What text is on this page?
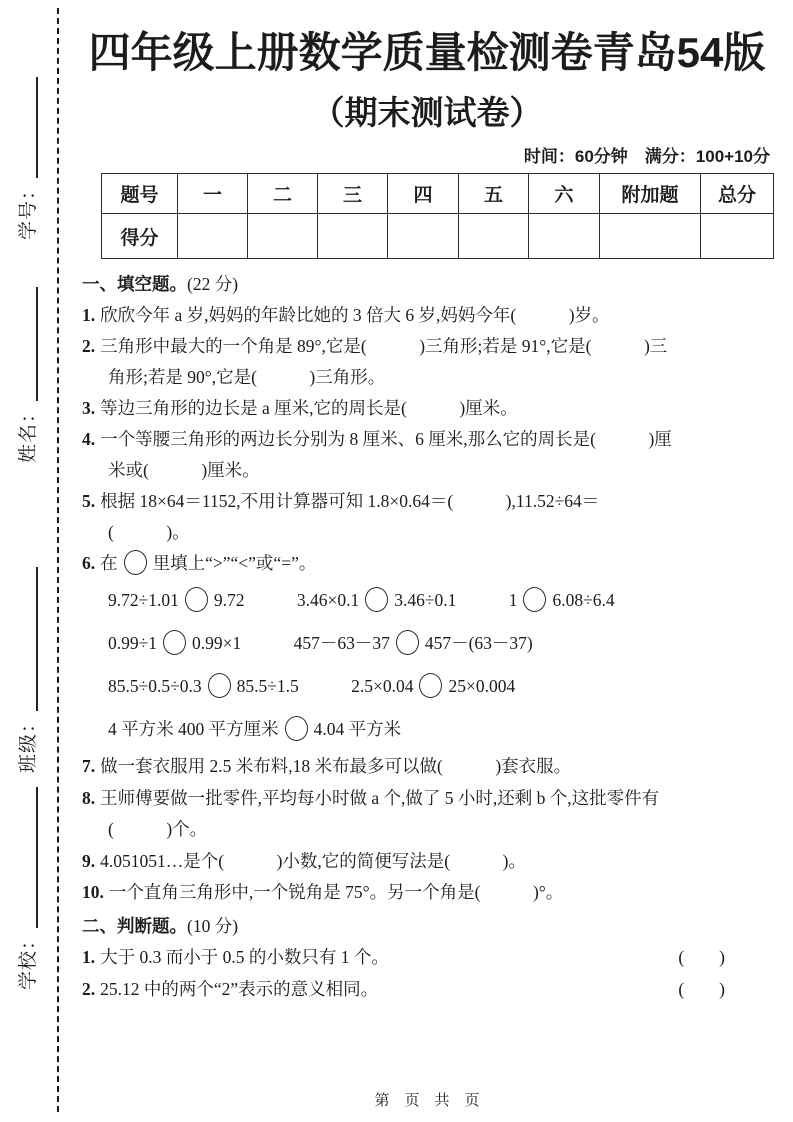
学号：
姓名：
班级：
学校：
四年级上册数学质量检测卷青岛54版
（期末测试卷）
时间：60分钟　满分：100+10分
题号	一	二	三	四	五	六	附加题	总分
得分								
一、填空题。(22 分)
1. 欣欣今年 a 岁,妈妈的年龄比她的 3 倍大 6 岁,妈妈今年(　　　)岁。
2. 三角形中最大的一个角是 89°,它是(　　　)三角形;若是 91°,它是(　　　)三
角形;若是 90°,它是(　　　)三角形。
3. 等边三角形的边长是 a 厘米,它的周长是(　　　)厘米。
4. 一个等腰三角形的两边长分别为 8 厘米、6 厘米,那么它的周长是(　　　)厘
米或(　　　)厘米。
5. 根据 18×64＝1152,不用计算器可知 1.8×0.64＝(　　　),11.52÷64＝
(　　　)。
6. 在 里填上“>”“<”或“=”。
9.72÷1.01 9.72	3.46×0.1 3.46÷0.1	1 6.08÷6.4
0.99÷1 0.99×1	457－63－37 457－(63－37)
85.5÷0.5÷0.3 85.5÷1.5	2.5×0.04 25×0.004
4 平方米 400 平方厘米 4.04 平方米
7. 做一套衣服用 2.5 米布料,18 米布最多可以做(　　　)套衣服。
8. 王师傅要做一批零件,平均每小时做 a 个,做了 5 小时,还剩 b 个,这批零件有
(　　　)个。
9. 4.051051…是个(　　　)小数,它的简便写法是(　　　)。
10. 一个直角三角形中,一个锐角是 75°。另一个角是(　　　)°。
二、判断题。(10 分)
1. 大于 0.3 而小于 0.5 的小数只有 1 个。	(　　)
2. 25.12 中的两个“2”表示的意义相同。	(　　)
第　页　共　页
